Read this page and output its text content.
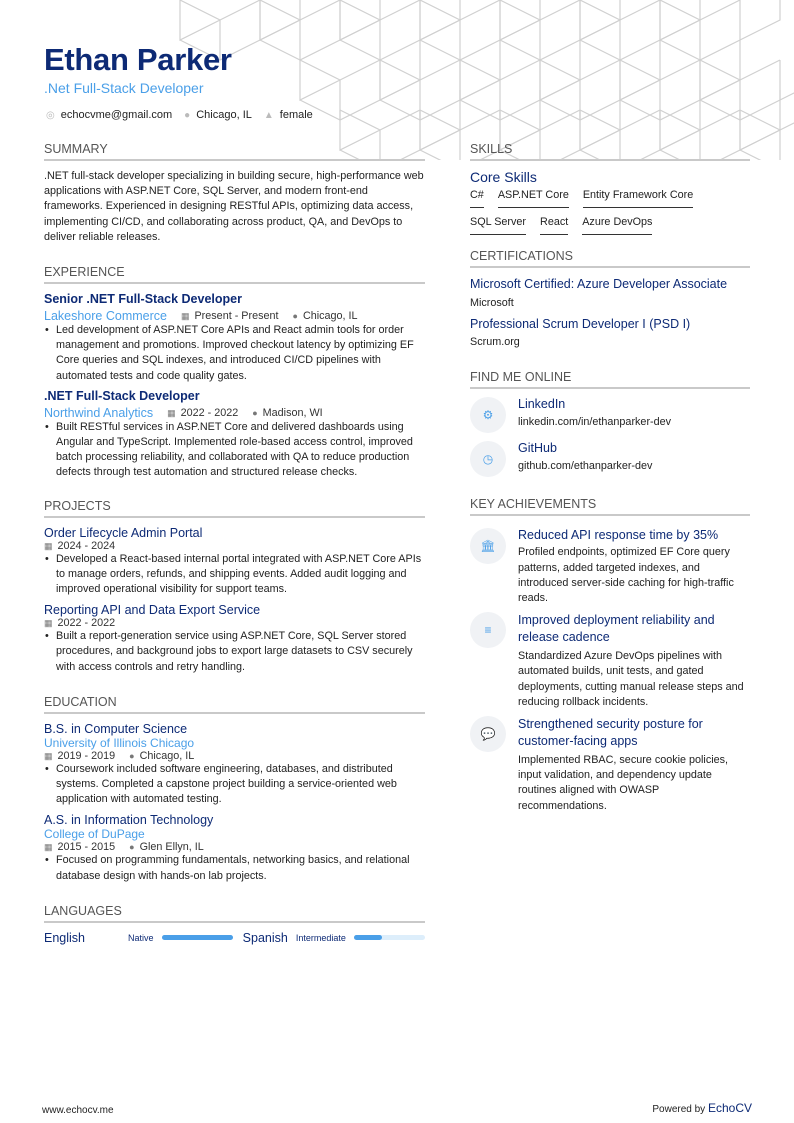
Ethan Parker
.Net Full-Stack Developer
◎ echocvme@gmail.com ● Chicago, IL ▲ female
SUMMARY
.NET full-stack developer specializing in building secure, high-performance web applications with ASP.NET Core, SQL Server, and modern front-end frameworks. Experienced in designing RESTful APIs, optimizing data access, implementing CI/CD, and collaborating across product, QA, and DevOps to deliver reliable releases.
EXPERIENCE
Senior .NET Full-Stack Developer
Lakeshore Commerce ▦ Present - Present ● Chicago, IL
• Led development of ASP.NET Core APIs and React admin tools for order management and promotions. Improved checkout latency by optimizing EF Core queries and SQL indexes, and introduced CI/CD pipelines with automated tests and code quality gates.
.NET Full-Stack Developer
Northwind Analytics ▦ 2022 - 2022 ● Madison, WI
• Built RESTful services in ASP.NET Core and delivered dashboards using Angular and TypeScript. Implemented role-based access control, improved batch processing reliability, and collaborated with QA to reduce production defects through test automation and structured release checks.
PROJECTS
Order Lifecycle Admin Portal
▦ 2024 - 2024
• Developed a React-based internal portal integrated with ASP.NET Core APIs to manage orders, refunds, and shipping events. Added audit logging and improved operational visibility for support teams.
Reporting API and Data Export Service
▦ 2022 - 2022
• Built a report-generation service using ASP.NET Core, SQL Server stored procedures, and background jobs to export large datasets to CSV securely with access controls and retry handling.
EDUCATION
B.S. in Computer Science
University of Illinois Chicago
▦ 2019 - 2019 ● Chicago, IL
• Coursework included software engineering, databases, and distributed systems. Completed a capstone project building a service-oriented web application with automated testing.
A.S. in Information Technology
College of DuPage
▦ 2015 - 2015 ● Glen Ellyn, IL
• Focused on programming fundamentals, networking basics, and relational database design with hands-on lab projects.
LANGUAGES
English	Native	Spanish Intermediate
SKILLS
Core Skills
C# ASP.NET Core Entity Framework Core
SQL Server React Azure DevOps
CERTIFICATIONS
Microsoft Certified: Azure Developer Associate
Microsoft
Professional Scrum Developer I (PSD I)
Scrum.org
FIND ME ONLINE
⚙
LinkedIn
linkedin.com/in/ethanparker-dev
◷
GitHub
github.com/ethanparker-dev
KEY ACHIEVEMENTS
🏛
Reduced API response time by 35%
Profiled endpoints, optimized EF Core query patterns, added targeted indexes, and introduced server-side caching for high-traffic reads.
≡
Improved deployment reliability and release cadence
Standardized Azure DevOps pipelines with automated builds, unit tests, and gated deployments, cutting manual release steps and reducing rollback incidents.
💬
Strengthened security posture for customer-facing apps
Implemented RBAC, secure cookie policies, input validation, and dependency update routines aligned with OWASP recommendations.
www.echocv.me	Powered by EchoCV
